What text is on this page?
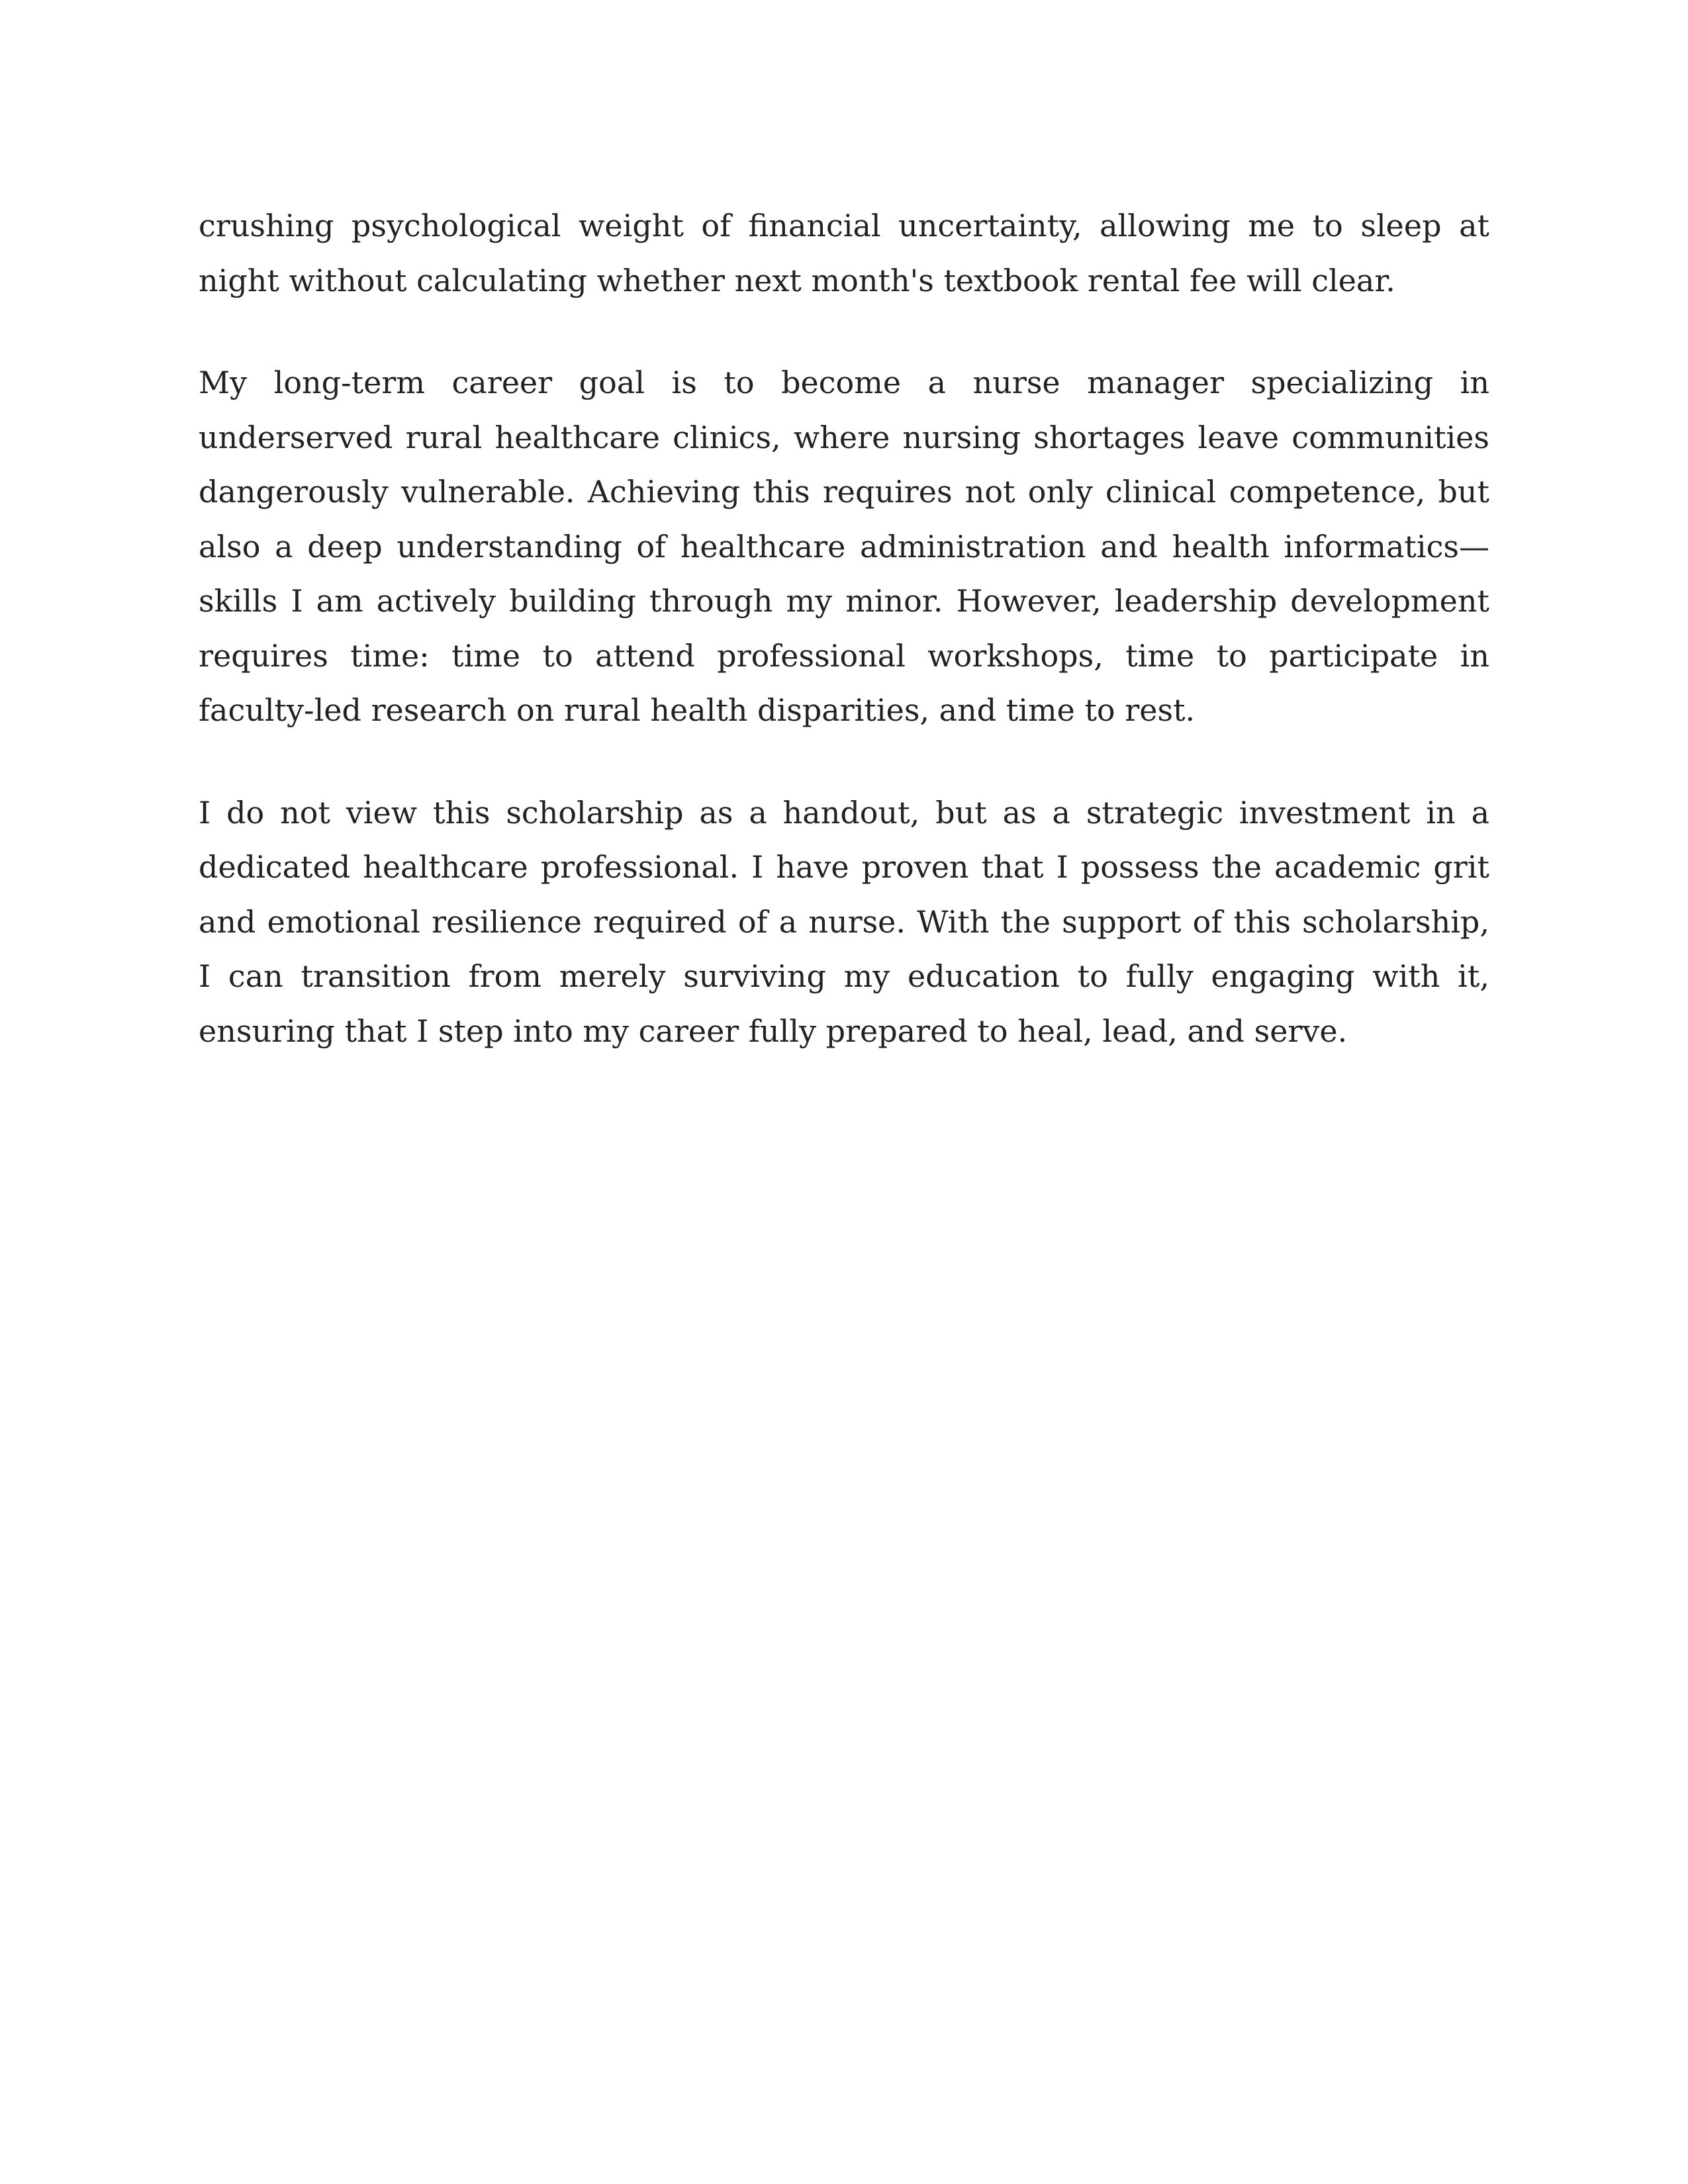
crushing psychological weight of financial uncertainty, allowing me to sleep at night without calculating whether next month's textbook rental fee will clear.

My long-term career goal is to become a nurse manager specializing in underserved rural healthcare clinics, where nursing shortages leave communities dangerously vulnerable. Achieving this requires not only clinical competence, but also a deep understanding of healthcare administration and health informatics—skills I am actively building through my minor. However, leadership development requires time: time to attend professional workshops, time to participate in faculty-led research on rural health disparities, and time to rest.

I do not view this scholarship as a handout, but as a strategic investment in a dedicated healthcare professional. I have proven that I possess the academic grit and emotional resilience required of a nurse. With the support of this scholarship, I can transition from merely surviving my education to fully engaging with it, ensuring that I step into my career fully prepared to heal, lead, and serve.
